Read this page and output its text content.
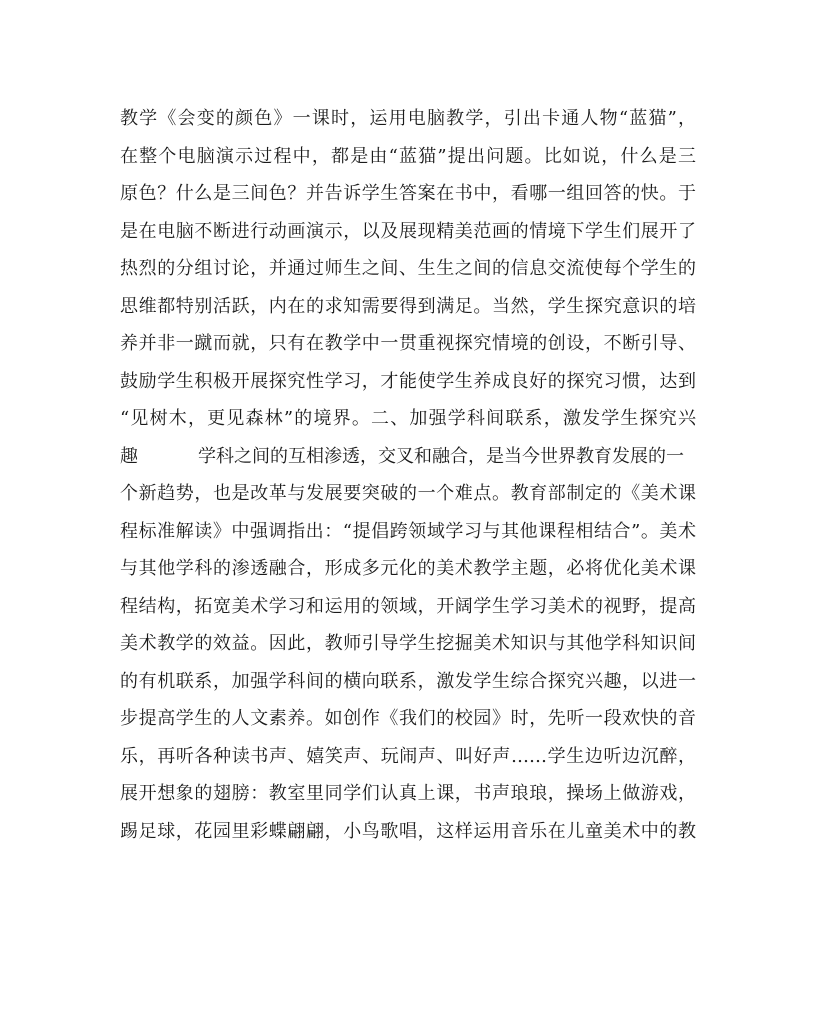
教学《会变的颜色》一课时，运用电脑教学，引出卡通人物“蓝猫”，
在整个电脑演示过程中，都是由“蓝猫”提出问题。比如说，什么是三
原色？什么是三间色？并告诉学生答案在书中，看哪一组回答的快。于
是在电脑不断进行动画演示，以及展现精美范画的情境下学生们展开了
热烈的分组讨论，并通过师生之间、生生之间的信息交流使每个学生的
思维都特别活跃，内在的求知需要得到满足。当然，学生探究意识的培
养并非一蹴而就，只有在教学中一贯重视探究情境的创设，不断引导、
鼓励学生积极开展探究性学习，才能使学生养成良好的探究习惯，达到
“见树木，更见森林”的境界。二、加强学科间联系，激发学生探究兴
趣	学科之间的互相渗透，交叉和融合，是当今世界教育发展的一
个新趋势，也是改革与发展要突破的一个难点。教育部制定的《美术课
程标准解读》中强调指出：“提倡跨领域学习与其他课程相结合”。美术
与其他学科的渗透融合，形成多元化的美术教学主题，必将优化美术课
程结构，拓宽美术学习和运用的领域，开阔学生学习美术的视野，提高
美术教学的效益。因此，教师引导学生挖掘美术知识与其他学科知识间
的有机联系，加强学科间的横向联系，激发学生综合探究兴趣，以进一
步提高学生的人文素养。如创作《我们的校园》时，先听一段欢快的音
乐，再听各种读书声、嬉笑声、玩闹声、叫好声……学生边听边沉醉，
展开想象的翅膀：教室里同学们认真上课，书声琅琅，操场上做游戏，
踢足球，花园里彩蝶翩翩，小鸟歌唱，这样运用音乐在儿童美术中的教
